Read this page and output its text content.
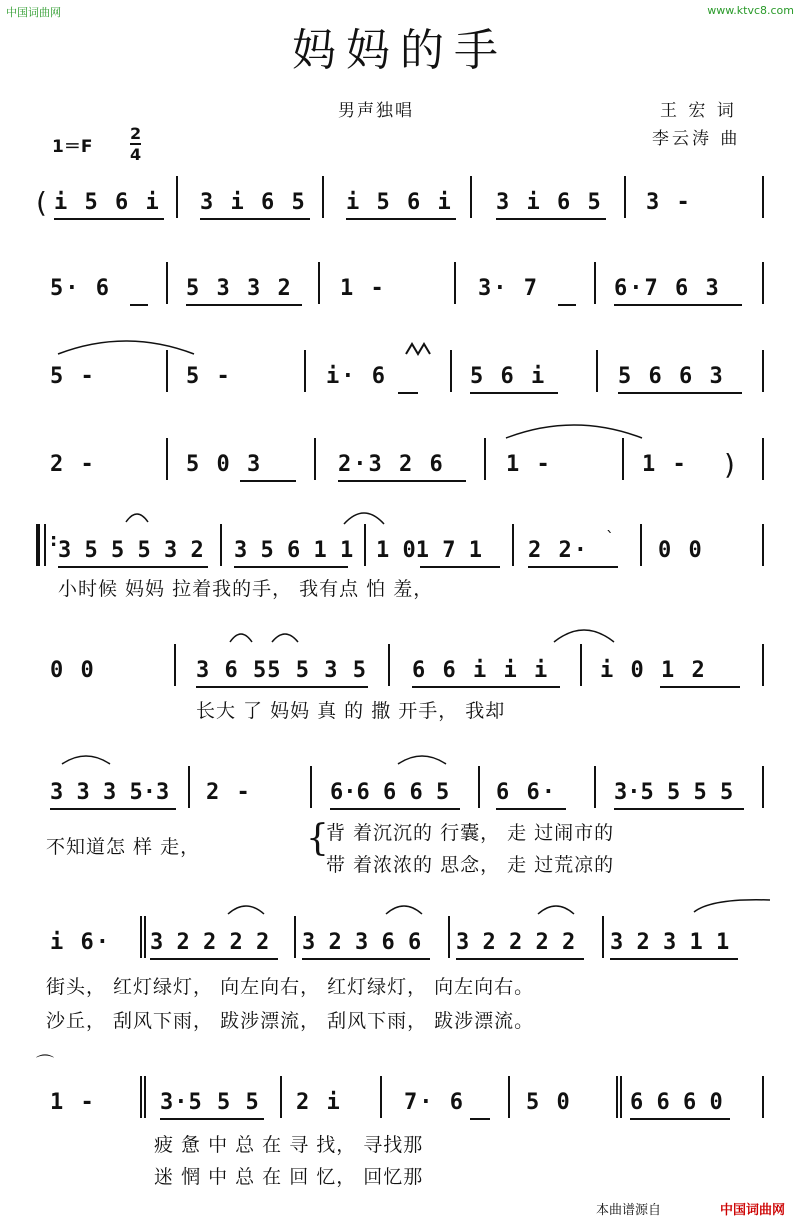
中国词曲网	www.ktvc8.com
妈妈的手
男声独唱	王 宏 词
李云涛 曲
1＝F
2
4
( i 5 6 i 3 i 6 5 i 5 6 i 3 i 6 5 3 -
5· 6	5 3 3 2 1 -	3· 7	6·7 6 3
5 -	5 -	i· 6	5 6 i	5 6 6 3
2 -	5 0 3	2·3 2 6	1 -	1 - )
: 3 5 5 5 3 2 3 5 6 1 1 1 01 7 1 2 2·
ˋ
0 0
小时候 妈妈 拉着我的手， 我有点 怕 羞，
0 0	3 6 55 5 3 5 6 6 i i i i 0 1 2
长大 了 妈妈 真 的 撒 开手， 我却
3 3 3 5·3 2 -	6·6 6 6 5 6 6·	3·5 5 5 5
不知道怎 样 走，	{
背 着沉沉的 行囊， 走 过闹市的
带 着浓浓的 思念， 走 过荒凉的
i 6· 3 2 2 2 2 3 2 3 6 6 3 2 2 2 2 3 2 3 1 1
街头， 红灯绿灯， 向左向右， 红灯绿灯， 向左向右。
沙丘， 刮风下雨， 跋涉漂流， 刮风下雨， 跋涉漂流。
⌒
1 -	3·5 5 5 2 i	7· 6	5 0	6 6 6 0
疲 惫 中 总 在 寻 找， 寻找那
迷 惘 中 总 在 回 忆， 回忆那
本曲谱源自	中国词曲网
